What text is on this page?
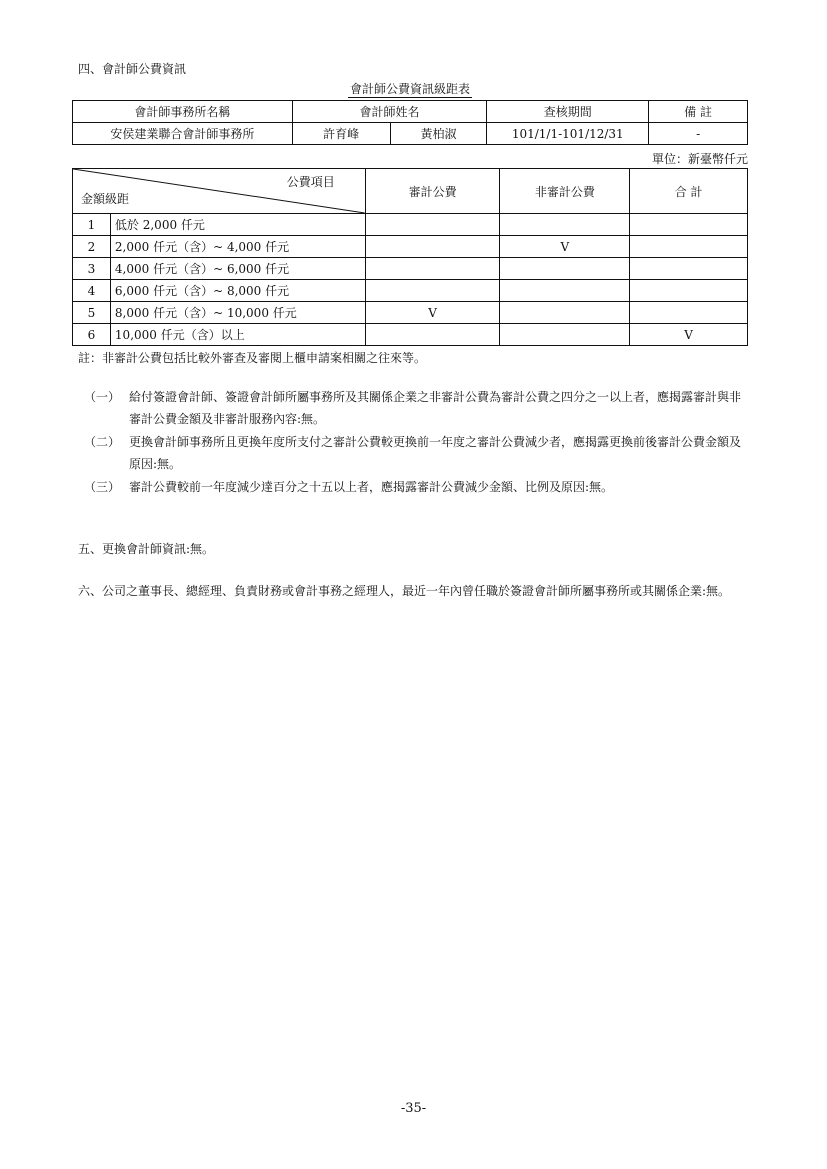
四、會計師公費資訊
會計師公費資訊級距表
會計師事務所名稱	會計師姓名		查核期間	備 註
安侯建業聯合會計師事務所	許育峰	黃柏淑	101/1/1-101/12/31	-
單位：新臺幣仟元
公費項目
金額級距		審計公費	非審計公費	合 計
1	低於 2,000 仟元			
2	2,000 仟元（含）~ 4,000 仟元		V	
3	4,000 仟元（含）~ 6,000 仟元			
4	6,000 仟元（含）~ 8,000 仟元			
5	8,000 仟元（含）~ 10,000 仟元	V		
6	10,000 仟元（含）以上			V
註：非審計公費包括比較外審查及審閱上櫃申請案相關之往來等。
（一） 給付簽證會計師、簽證會計師所屬事務所及其關係企業之非審計公費為審計公費之四分之一以上者，應揭露審計與非審計公費金額及非審計服務內容:無。
（二） 更換會計師事務所且更換年度所支付之審計公費較更換前一年度之審計公費減少者，應揭露更換前後審計公費金額及原因:無。
（三） 審計公費較前一年度減少達百分之十五以上者，應揭露審計公費減少金額、比例及原因:無。
五、更換會計師資訊:無。
六、公司之董事長、總經理、負責財務或會計事務之經理人，最近一年內曾任職於簽證會計師所屬事務所或其關係企業:無。
-35-
